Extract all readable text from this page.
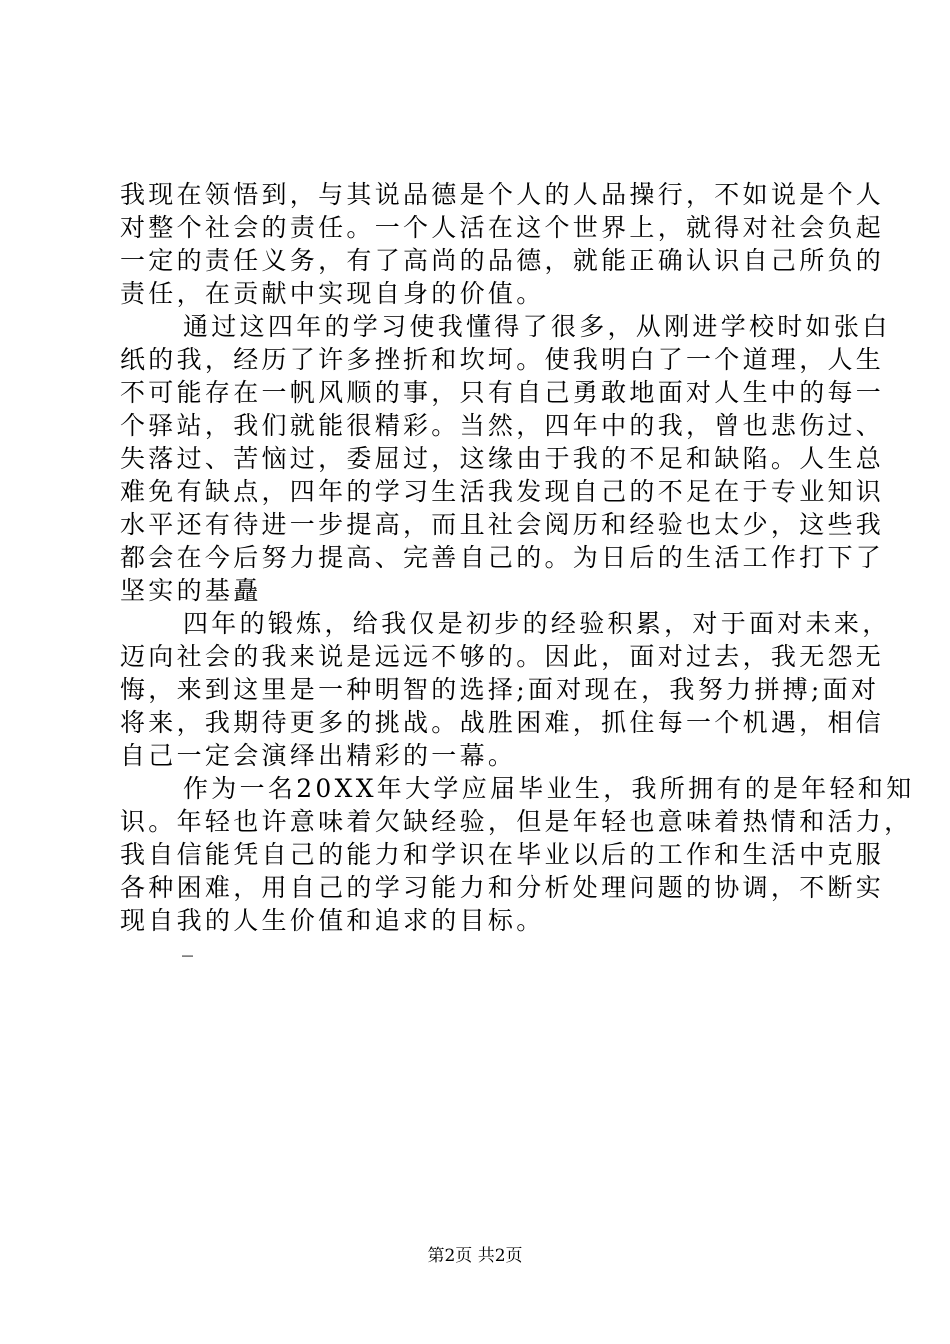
我现在领悟到，与其说品德是个人的人品操行，不如说是个人
对整个社会的责任。一个人活在这个世界上，就得对社会负起
一定的责任义务，有了高尚的品德，就能正确认识自己所负的
责任，在贡献中实现自身的价值。
通过这四年的学习使我懂得了很多，从刚进学校时如张白
纸的我，经历了许多挫折和坎坷。使我明白了一个道理，人生
不可能存在一帆风顺的事，只有自己勇敢地面对人生中的每一
个驿站，我们就能很精彩。当然，四年中的我，曾也悲伤过、
失落过、苦恼过，委屈过，这缘由于我的不足和缺陷。人生总
难免有缺点，四年的学习生活我发现自己的不足在于专业知识
水平还有待进一步提高，而且社会阅历和经验也太少，这些我
都会在今后努力提高、完善自己的。为日后的生活工作打下了
坚实的基矗
四年的锻炼，给我仅是初步的经验积累，对于面对未来，
迈向社会的我来说是远远不够的。因此，面对过去，我无怨无
悔，来到这里是一种明智的选择;面对现在，我努力拼搏;面对
将来，我期待更多的挑战。战胜困难，抓住每一个机遇，相信
自己一定会演绎出精彩的一幕。
作为一名20XX年大学应届毕业生，我所拥有的是年轻和知
识。年轻也许意味着欠缺经验，但是年轻也意味着热情和活力，
我自信能凭自己的能力和学识在毕业以后的工作和生活中克服
各种困难，用自己的学习能力和分析处理问题的协调，不断实
现自我的人生价值和追求的目标。
_
第2页 共2页
